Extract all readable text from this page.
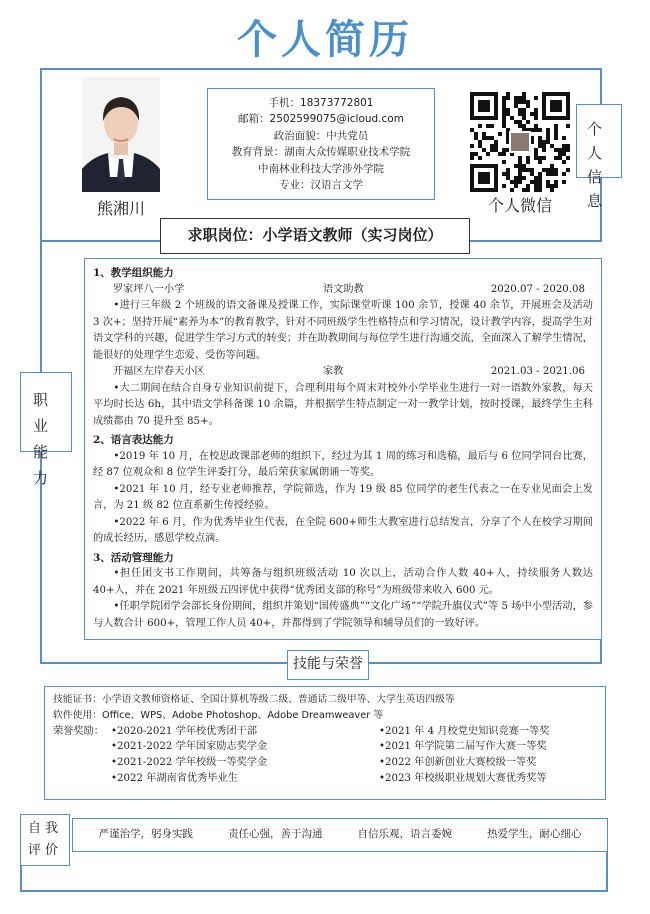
个人简历
熊湘川
手机：18373772801
邮箱：2502599075@icloud.com
政治面貌：中共党员
教育背景：湖南大众传媒职业技术学院
中南林业科技大学涉外学院
专业：汉语言文学
个人微信
个人信息
求职岗位：小学语文教师（实习岗位）
职业能力
1、教学组织能力
罗家坪八一小学	语文助教	2020.07 - 2020.08
•进行三年级 2 个班级的语文备课及授课工作，实际课堂听课 100 余节，授课 40 余节，开展班会及活动 3 次+；坚持开展“素养为本”的教育教学，针对不同班级学生性格特点和学习情况，设计教学内容，提高学生对语文学科的兴趣，促进学生学习方式的转变；并在助教期间与每位学生进行沟通交流，全面深入了解学生情况，能很好的处理学生恋爱、受伤等问题。
开福区左岸春天小区	家教	2021.03 - 2021.06
•大二期间在结合自身专业知识前提下，合理利用每个周末对校外小学毕业生进行一对一语数外家教，每天平均时长达 6h，其中语文学科备课 10 余篇，并根据学生特点制定一对一教学计划，按时授课，最终学生主科成绩都由 70 提升至 85+。
2、语言表达能力
•2019 年 10 月，在校思政课部老师的组织下，经过为其 1 周的练习和选稿，最后与 6 位同学同台比赛，经 87 位观众和 8 位学生评委打分，最后荣获家属朗诵一等奖。
•2021 年 10 月，经专业老师推荐，学院筛选，作为 19 级 85 位同学的老生代表之一在专业见面会上发言，为 21 级 82 位直系新生传授经验。
•2022 年 6 月，作为优秀毕业生代表，在全院 600+师生大教室进行总结发言，分享了个人在校学习期间的成长经历，感恩学校点滴。
3、活动管理能力
•担任团支书工作期间，共筹备与组织班级活动 10 次以上，活动合作人数 40+人，持续服务人数达 40+人，并在 2021 年班级五四评优中获得“优秀团支部的称号”为班级带来收入 600 元。
•任职学院团学会部长身份期间，组织并策划“国传盛典”“文化广场”“学院升旗仪式”等 5 场中小型活动，参与人数合计 600+，管理工作人员 40+，并都得到了学院领导和辅导员们的一致好评。
技能与荣誉
技能证书：小学语文教师资格证、全国计算机等级二级、普通话二级甲等、大学生英语四级等
软件使用：Office、WPS、Adobe Photoshop、Adobe Dreamweaver 等
荣誉奖励： •2020-2021 学年校优秀团干部	•2021 年 4 月校党史知识竞赛一等奖
•2021-2022 学年国家励志奖学金	•2021 年学院第二届写作大赛一等奖
•2021-2022 学年校级一等奖学金	•2022 年创新创业大赛校级一等奖
•2022 年湖南省优秀毕业生	•2023 年校级职业规划大赛优秀奖等
自我评价
严谨治学，躬身实践	责任心强，善于沟通	自信乐观，语言委婉	热爱学生，耐心细心
